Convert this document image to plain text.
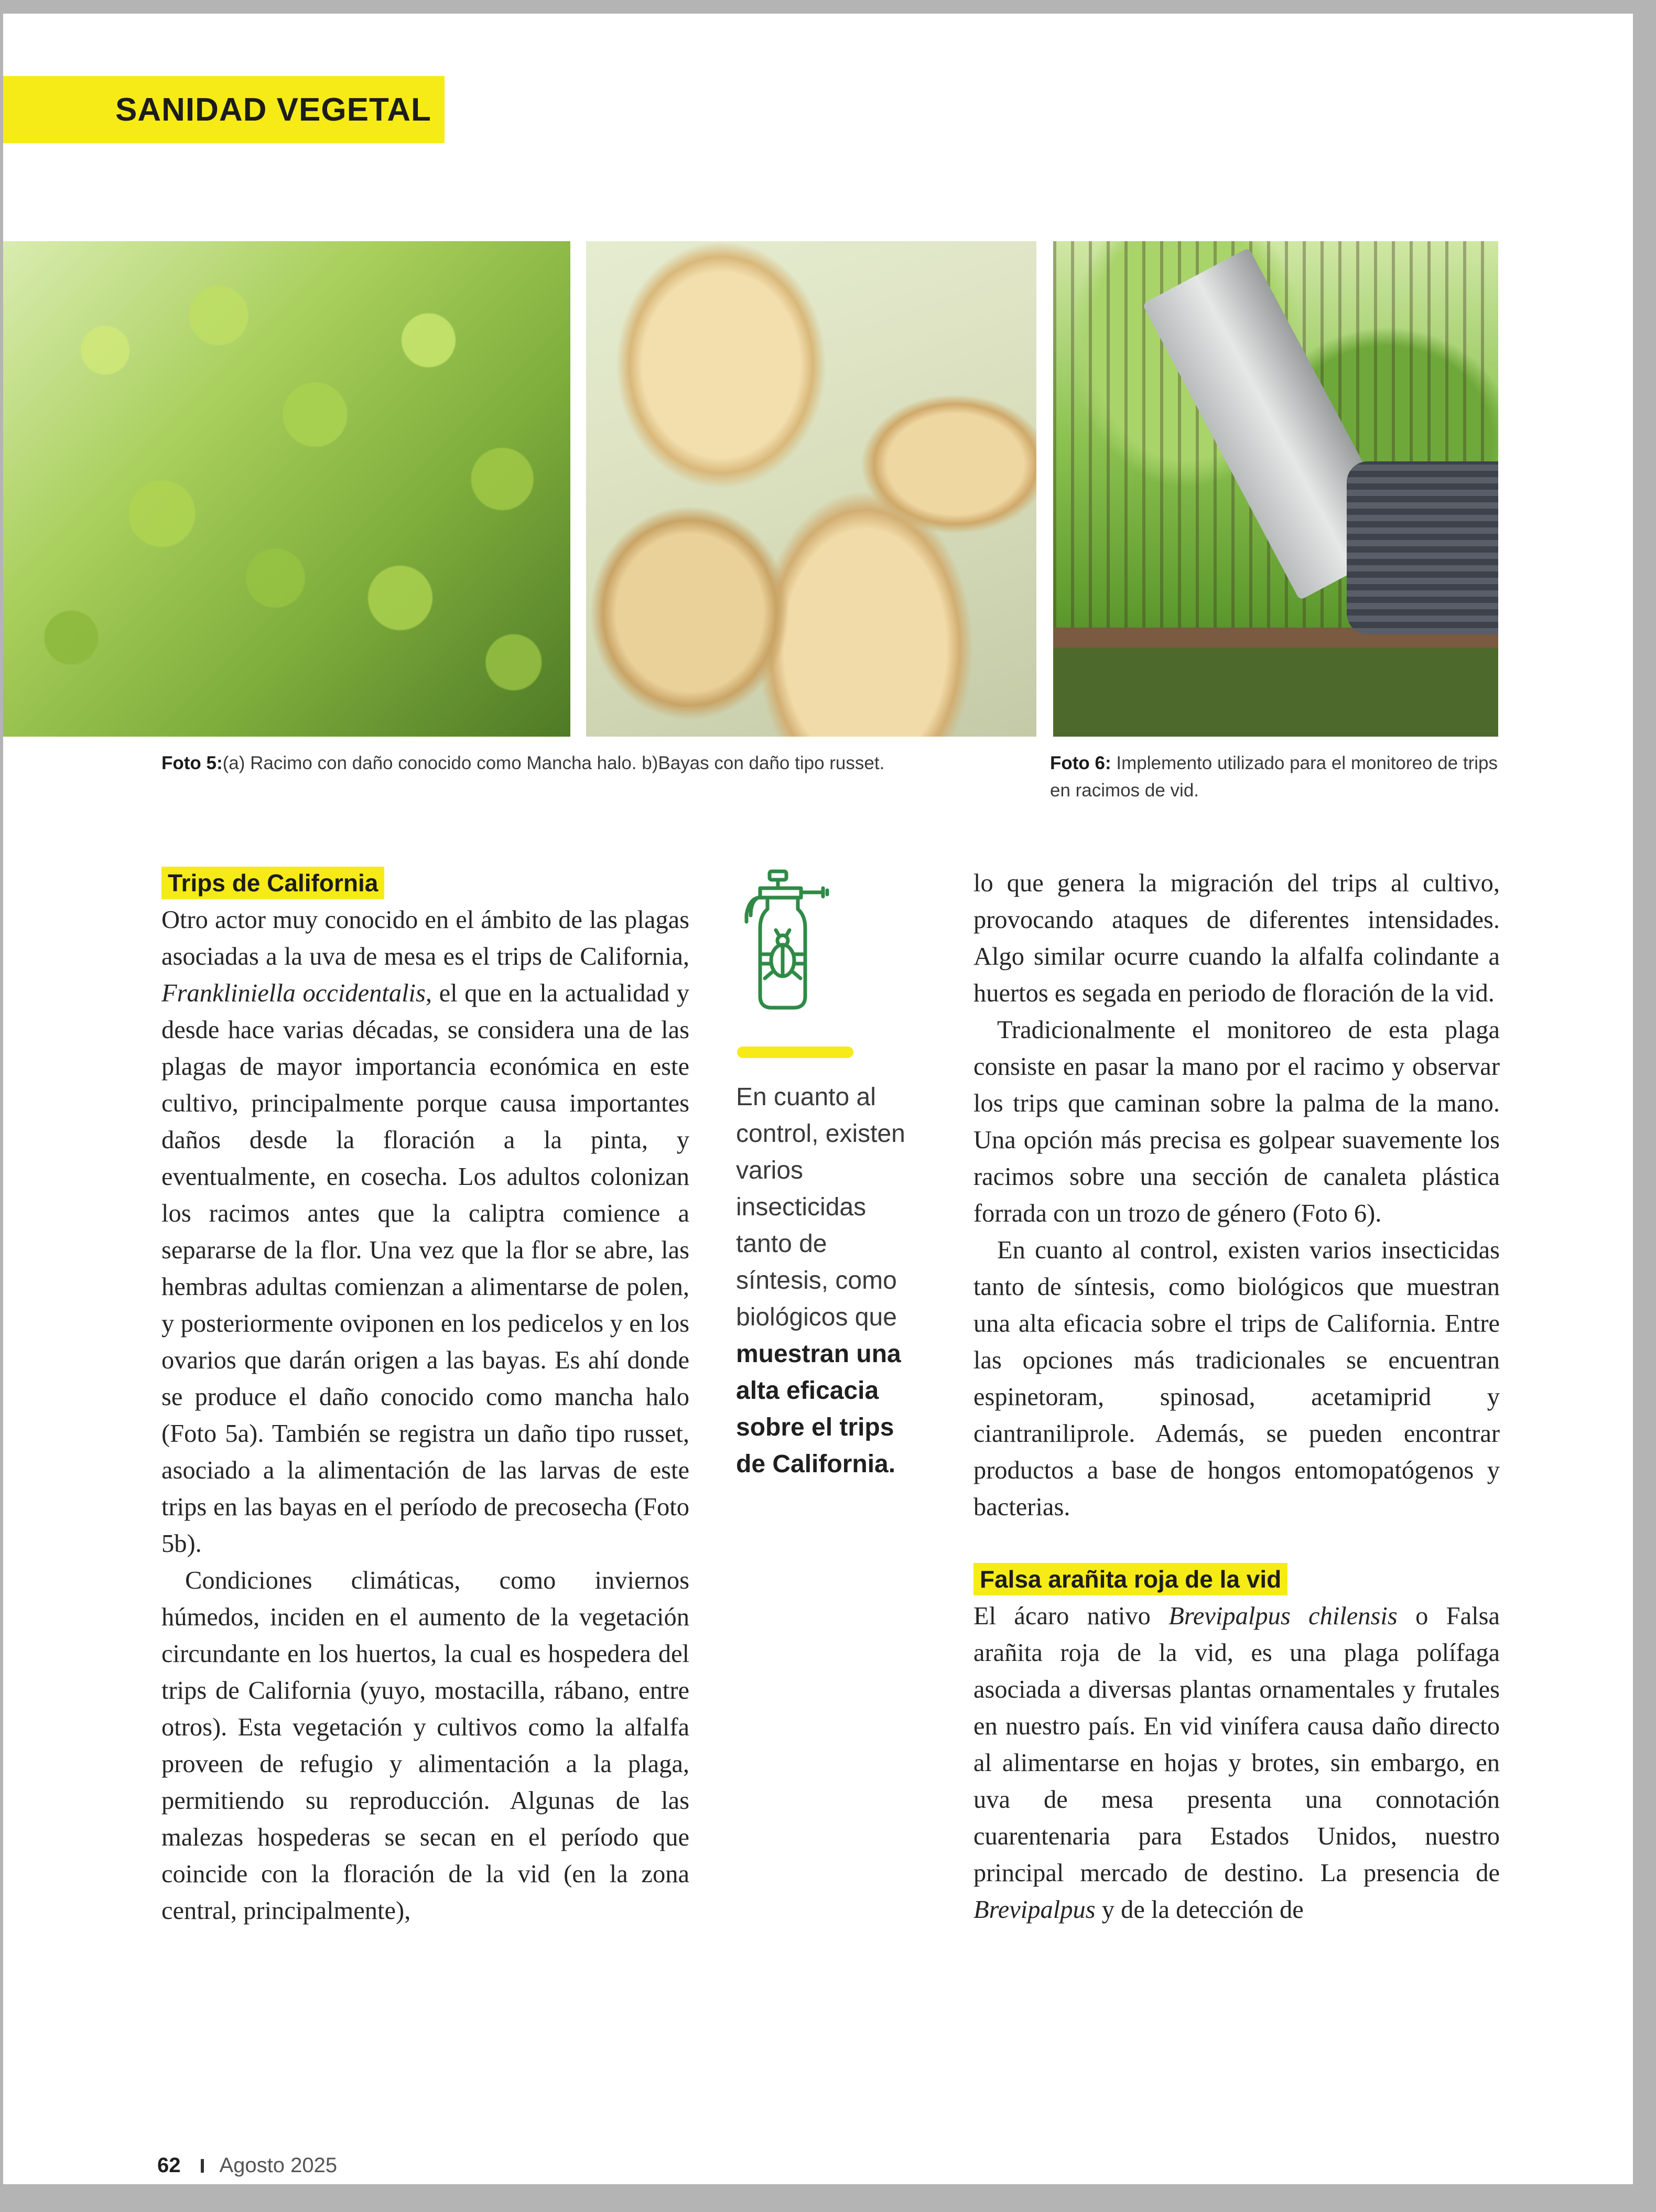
SANIDAD VEGETAL
Foto 5:(a) Racimo con daño conocido como Mancha halo. b)Bayas con daño tipo russet.	Foto 6: Implemento utilizado para el monitoreo de trips en racimos de vid.
Trips de California

Otro actor muy conocido en el ámbito de las plagas asociadas a la uva de mesa es el trips de California, Frankliniella occidentalis, el que en la actualidad y desde hace varias décadas, se considera una de las plagas de mayor importancia económica en este cultivo, principalmente porque causa importantes daños desde la floración a la pinta, y eventualmente, en cosecha. Los adultos colonizan los racimos antes que la caliptra comience a separarse de la flor. Una vez que la flor se abre, las hembras adultas comienzan a alimentarse de polen, y posteriormente oviponen en los pedicelos y en los ovarios que darán origen a las bayas. Es ahí donde se produce el daño conocido como mancha halo (Foto 5a). También se registra un daño tipo russet, asociado a la alimentación de las larvas de este trips en las bayas en el período de precosecha (Foto 5b).

Condiciones climáticas, como inviernos húmedos, inciden en el aumento de la vegetación circundante en los huertos, la cual es hospedera del trips de California (yuyo, mostacilla, rábano, entre otros). Esta vegetación y cultivos como la alfalfa proveen de refugio y alimentación a la plaga, permitiendo su reproducción. Algunas de las malezas hospederas se secan en el período que coincide con la floración de la vid (en la zona central, principalmente),

En cuanto al control, existen varios insecticidas tanto de síntesis, como biológicos que muestran una alta eficacia sobre el trips de California.

lo que genera la migración del trips al cultivo, provocando ataques de diferentes intensidades. Algo similar ocurre cuando la alfalfa colindante a huertos es segada en periodo de floración de la vid.

Tradicionalmente el monitoreo de esta plaga consiste en pasar la mano por el racimo y observar los trips que caminan sobre la palma de la mano. Una opción más precisa es golpear suavemente los racimos sobre una sección de canaleta plástica forrada con un trozo de género (Foto 6).

En cuanto al control, existen varios insecticidas tanto de síntesis, como biológicos que muestran una alta eficacia sobre el trips de California. Entre las opciones más tradicionales se encuentran espinetoram, spinosad, acetamiprid y ciantraniliprole. Además, se pueden encontrar productos a base de hongos entomopatógenos y bacterias.

Falsa arañita roja de la vid

El ácaro nativo Brevipalpus chilensis o Falsa arañita roja de la vid, es una plaga polífaga asociada a diversas plantas ornamentales y frutales en nuestro país. En vid vinífera causa daño directo al alimentarse en hojas y brotes, sin embargo, en uva de mesa presenta una connotación cuarentenaria para Estados Unidos, nuestro principal mercado de destino. La presencia de Brevipalpus y de la detección de

62 Agosto 2025
